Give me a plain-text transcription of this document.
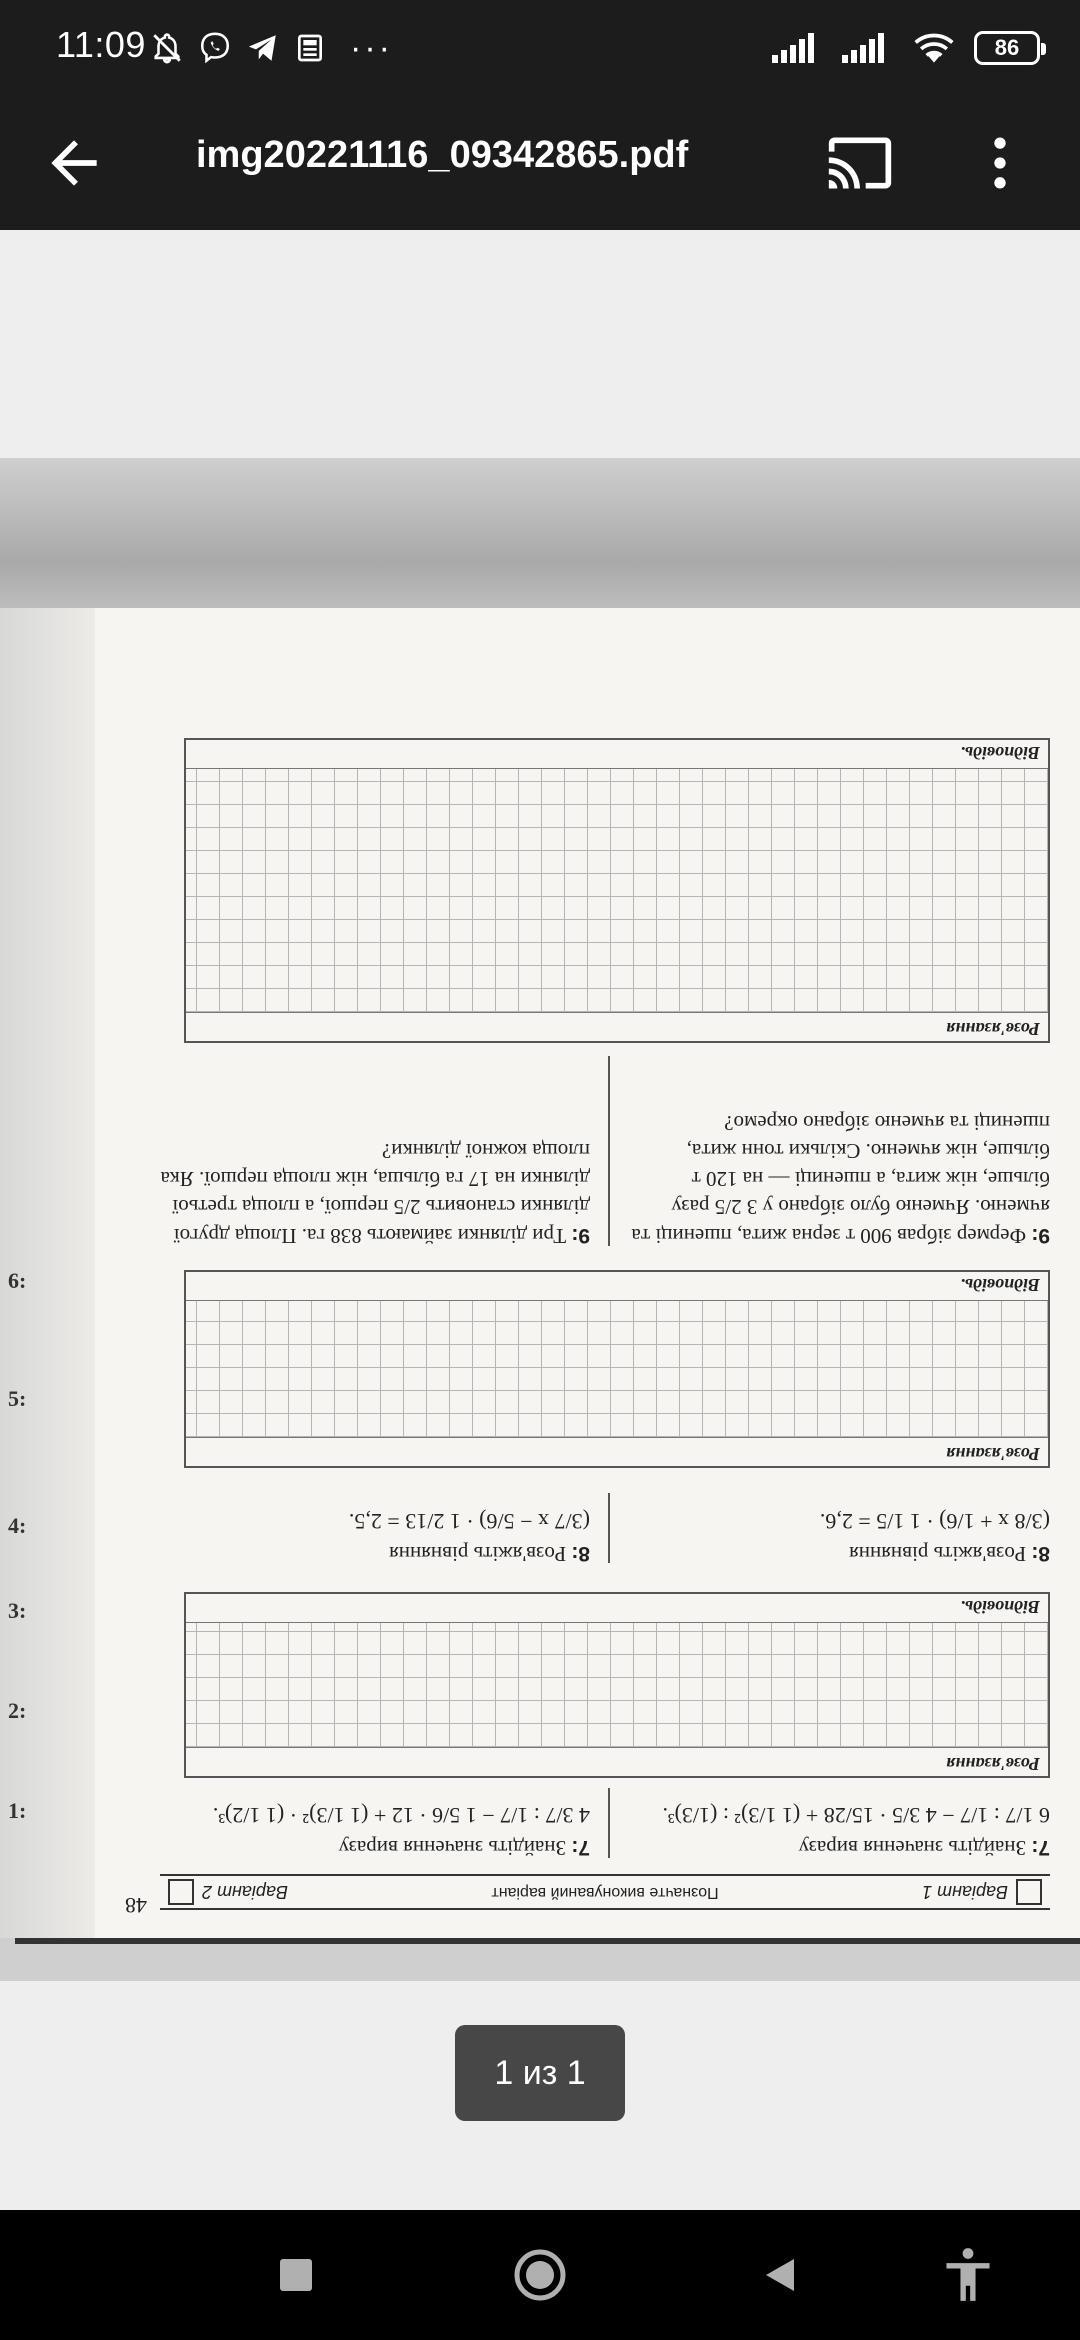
11:09	···	86
img20221116_09342865.pdf
6:
5:
4:
3:
2:
1:
48
Варіант 1
Позначте виконуваний варіант
Варіант 2
7: Знайдіть значення виразу
6 1/7 : 1/7 − 4 3/5 · 15/28 + (1 1/3)² : (1/3)³.
7: Знайдіть значення виразу
4 3/7 : 1/7 − 1 5/6 · 12 + (1 1/3)² · (1 1/2)³.
Розв'язання
Відповідь.
8: Розв'яжіть рівняння
(3/8 x + 1/6) · 1 1/5 = 2,6.
8: Розв'яжіть рівняння
(3/7 x − 5/6) · 1 2/13 = 2,5.
Розв'язання
Відповідь.
9: Фермер зібрав 900 т зерна жита, пшениці та ячменю. Ячменю було зібрано у 3 2/5 разу більше, ніж жита, а пшениці — на 120 т більше, ніж ячменю. Скільки тонн жита, пшениці та ячменю зібрано окремо?
9: Три ділянки займають 838 га. Площа другої ділянки становить 2/5 першої, а площа третьої ділянки на 17 га більша, ніж площа першої. Яка площа кожної ділянки?
Розв'язання
Відповідь.
1 из 1
